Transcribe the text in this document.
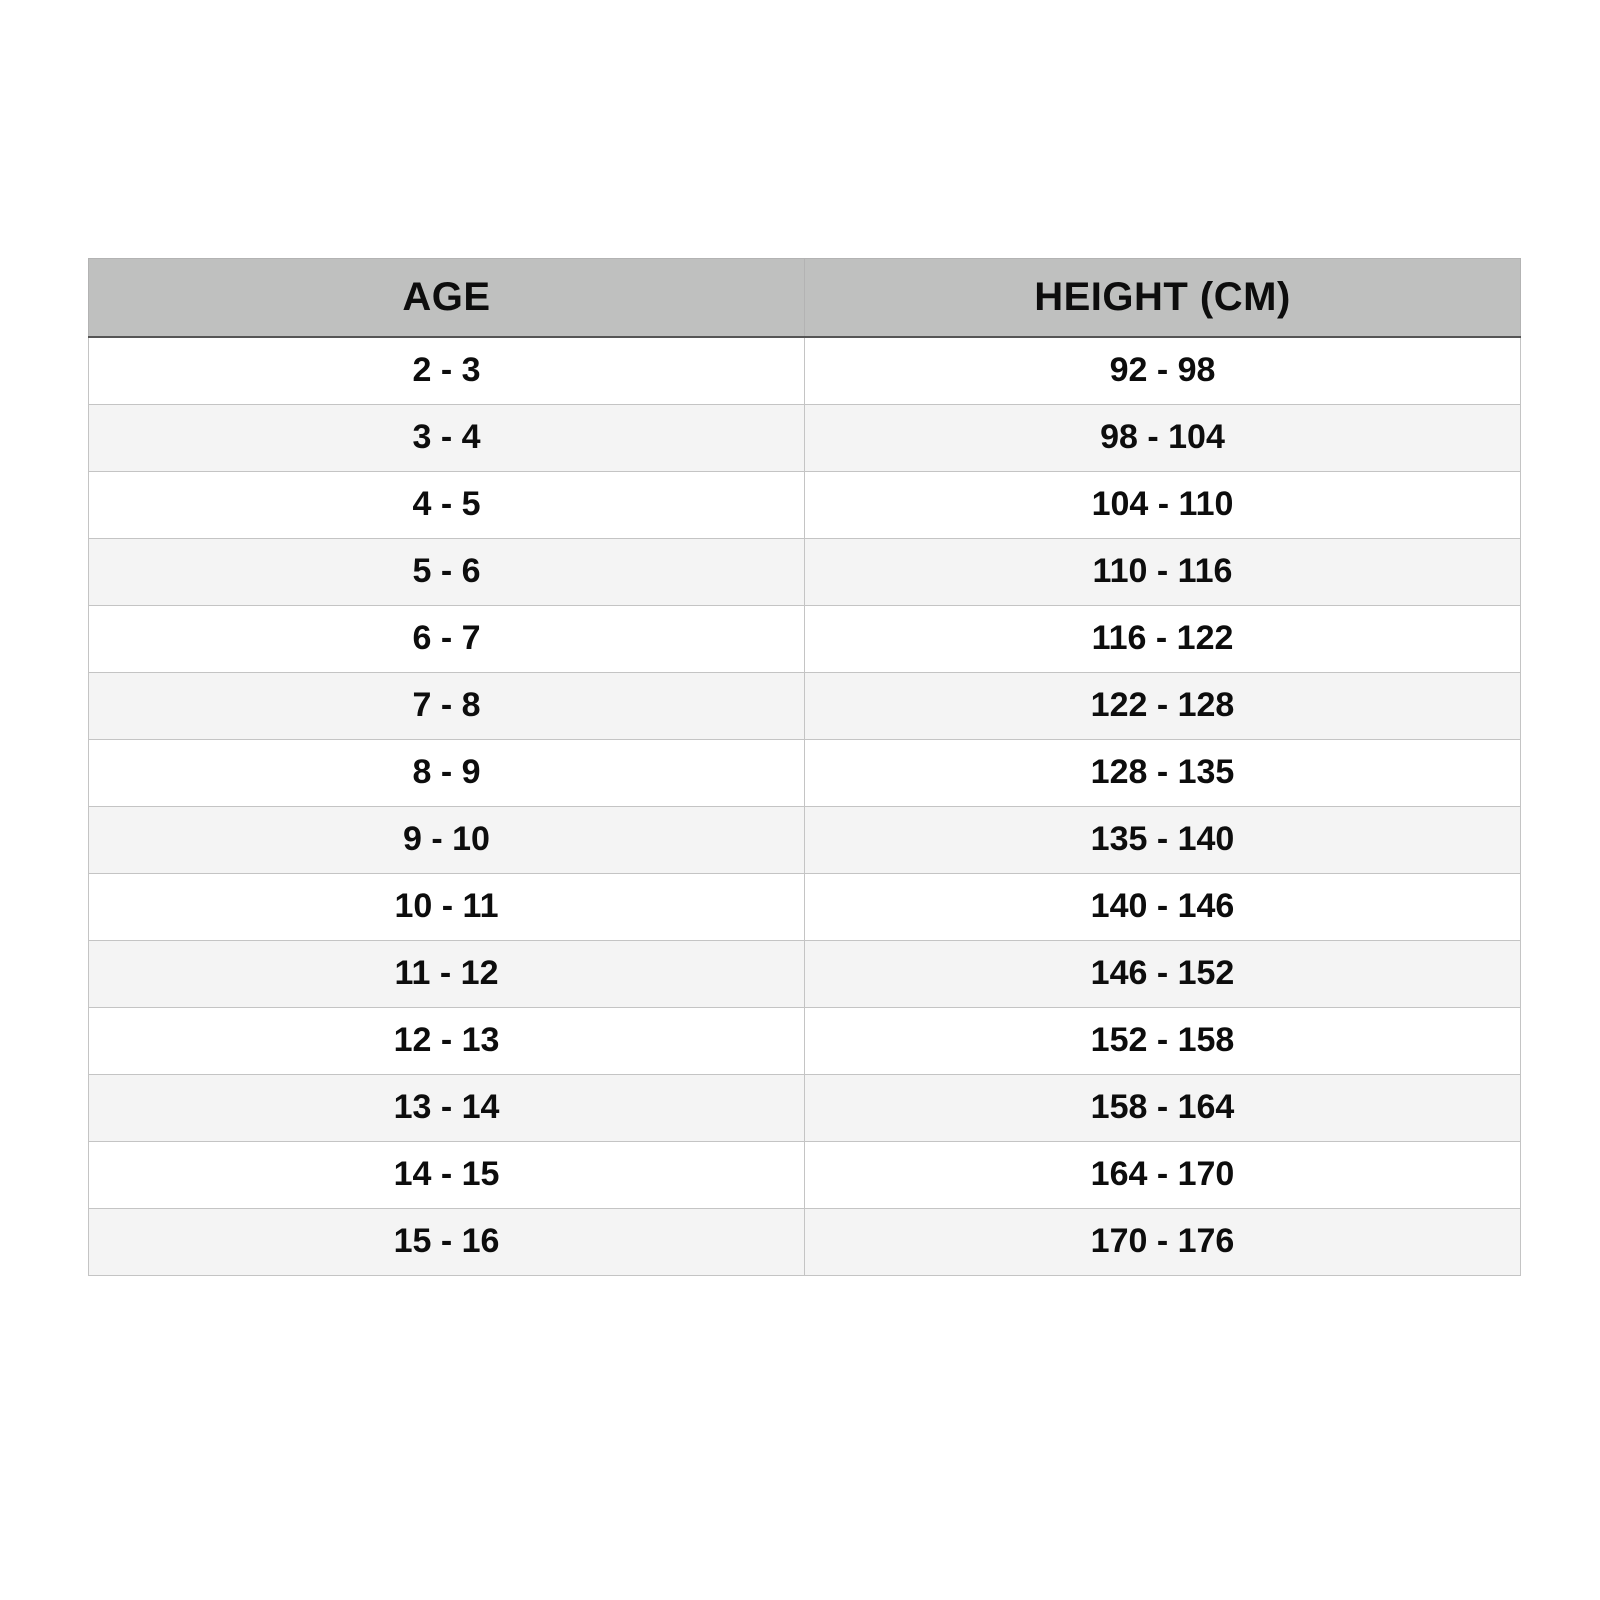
AGE	HEIGHT (CM)
2 - 3	92 - 98
3 - 4	98 - 104
4 - 5	104 - 110
5 - 6	110 - 116
6 - 7	116 - 122
7 - 8	122 - 128
8 - 9	128 - 135
9 - 10	135 - 140
10 - 11	140 - 146
11 - 12	146 - 152
12 - 13	152 - 158
13 - 14	158 - 164
14 - 15	164 - 170
15 - 16	170 - 176
